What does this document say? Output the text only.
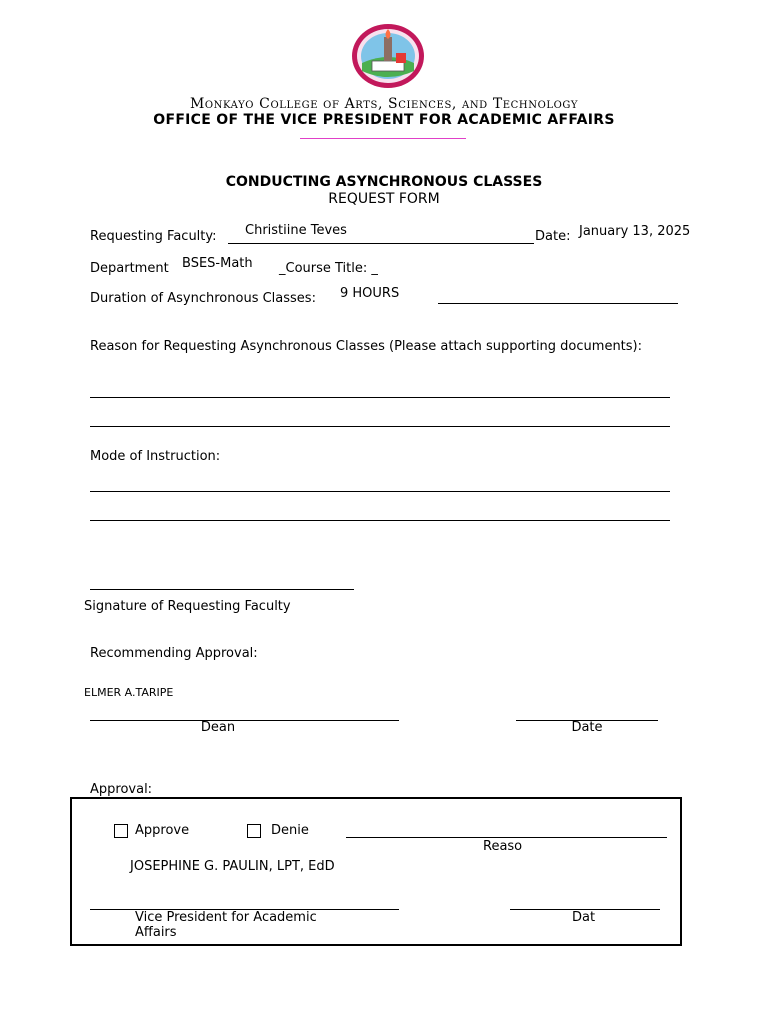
Monkayo College of Arts, Sciences, and Technology
OFFICE OF THE VICE PRESIDENT FOR ACADEMIC AFFAIRS
CONDUCTING ASYNCHRONOUS CLASSES
REQUEST FORM
Requesting Faculty: Christiine Teves	Date: January 13, 2025
Department BSES-Math _Course Title: _
Duration of Asynchronous Classes: 9 HOURS
Reason for Requesting Asynchronous Classes (Please attach supporting documents):
Mode of Instruction:
Signature of Requesting Faculty
Recommending Approval:
ELMER A.TARIPE
Dean	Date
Approval:
Approve	Denie
Reaso
JOSEPHINE G. PAULIN, LPT, EdD
Vice President for Academic
Affairs
Dat
